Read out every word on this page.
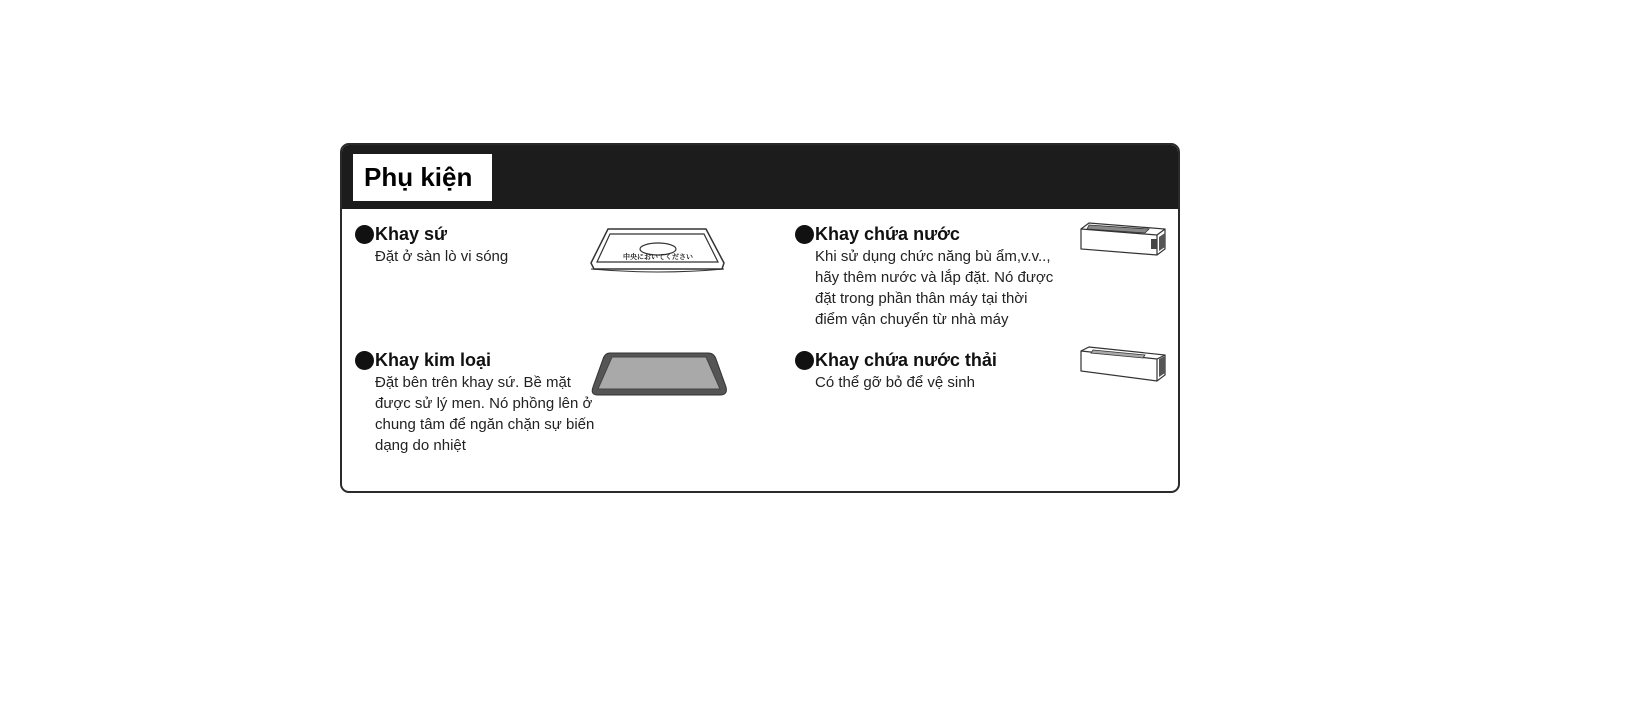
Phụ kiện
Khay sứ
Đặt ở sàn lò vi sóng	中央においてください
Khay kim loại
Đặt bên trên khay sứ. Bề mặt
được sử lý men. Nó phồng lên ở
chung tâm để ngăn chặn sự biến
dạng do nhiệt
Khay chứa nước
Khi sử dụng chức năng bù ẩm,v.v..,
hãy thêm nước và lắp đặt. Nó được
đặt trong phần thân máy tại thời
điểm vận chuyển từ nhà máy
Khay chứa nước thải
Có thể gỡ bỏ để vệ sinh
